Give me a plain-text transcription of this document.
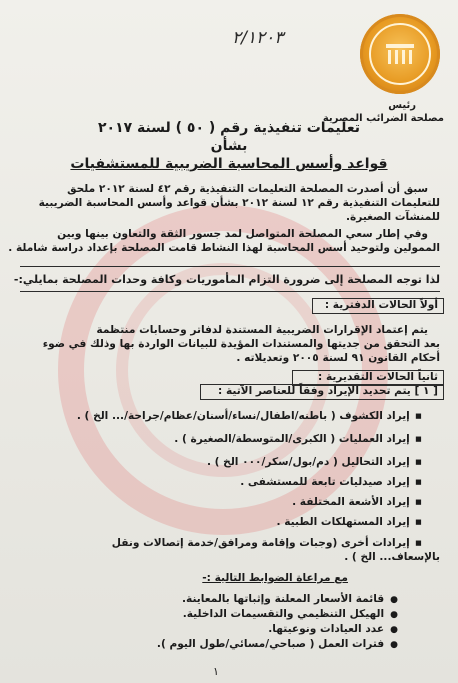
٢/١٢٠٣
رئيس
مصلحة الضرائب المصرية
تعليمات تنفيذية رقم ( ٥٠ ) لسنة ٢٠١٧
بشأن
قواعد وأسس المحاسبة الضريبية للمستشفيات
سبق أن أصدرت المصلحة التعليمات التنفيذية رقم ٤٢ لسنة ٢٠١٢ ملحق
للتعليمات التنفيذية رقم ١٢ لسنة ٢٠١٢ بشأن قواعد وأسس المحاسبة الضريبية
للمنشآت الصغيرة.
وفي إطار سعي المصلحة المتواصل لمد جسور الثقة والتعاون بينها وبين
الممولين ولتوحيد أسس المحاسبة لهذا النشاط قامت المصلحة بإعداد دراسة شاملة .
لذا توجه المصلحة إلى ضرورة التزام المأموريات وكافة وحدات المصلحة بمايلي:-
أولاً الحالات الدفترية :
يتم إعتماد الإقرارات الضريبية المستندة لدفاتر وحسابات منتظمة
بعد التحقق من جديتها والمستندات المؤيدة للبيانات الواردة بها وذلك في ضوء
أحكام القانون ٩١ لسنة ٢٠٠٥ وتعديلاته .
ثانياً الحالات التقديرية :
[ ١ ] يتم تحديد الإيراد وفقاً للعناصر الآتية :
▪ إيراد الكشوف ( باطنه/اطفال/نساء/أسنان/عظام/جراحة/... الخ ) .
▪ إيراد العمليات ( الكبرى/المتوسطة/الصغيرة ) .
▪ إيراد التحاليل ( دم/بول/سكر/٠٠٠ الخ ) .
▪ إيراد صيدليات تابعة للمستشفى .
▪ إيراد الأشعة المختلفة .
▪ إيراد المستهلكات الطبية .
▪ إيرادات أخرى (وجبات وإقامة ومرافق/خدمة إتصالات ونقل
بالإسعاف... الخ ) .
مع مراعاة الضوابط التالية :-
● قائمة الأسعار المعلنة وإثباتها بالمعاينة.
● الهيكل التنظيمي والتقسيمات الداخلية.
● عدد العيادات ونوعيتها.
● فترات العمل ( صباحي/مسائي/طول اليوم ).
١
